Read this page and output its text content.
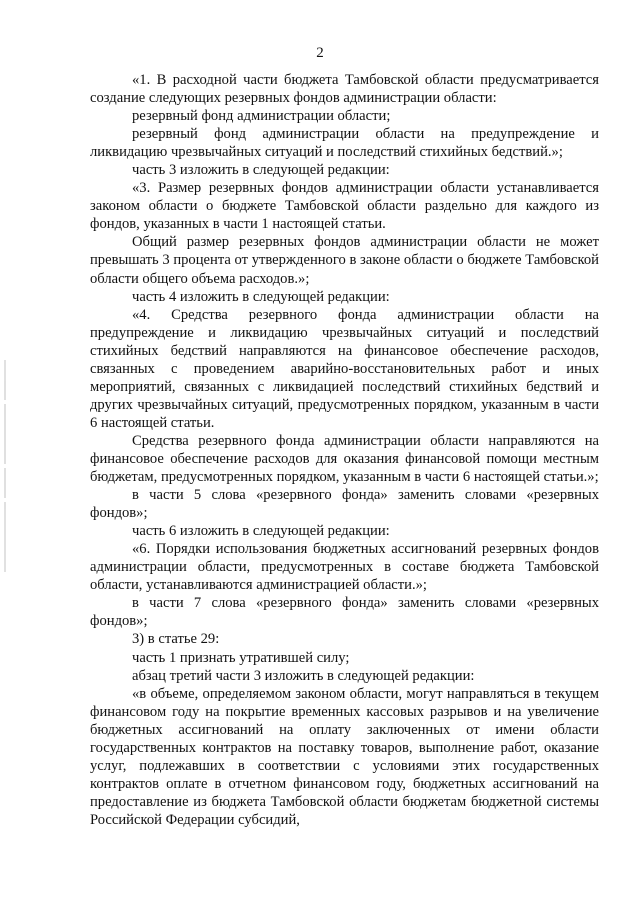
2

«1. В расходной части бюджета Тамбовской области предусматривается создание следующих резервных фондов администрации области:

резервный фонд администрации области;

резервный фонд администрации области на предупреждение и ликвидацию чрезвычайных ситуаций и последствий стихийных бедствий.»;

часть 3 изложить в следующей редакции:

«3. Размер резервных фондов администрации области устанавливается законом области о бюджете Тамбовской области раздельно для каждого из фондов, указанных в части 1 настоящей статьи.

Общий размер резервных фондов администрации области не может превышать 3 процента от утвержденного в законе области о бюджете Тамбовской области общего объема расходов.»;

часть 4 изложить в следующей редакции:

«4. Средства резервного фонда администрации области на предупреждение и ликвидацию чрезвычайных ситуаций и последствий стихийных бедствий направляются на финансовое обеспечение расходов, связанных с проведением аварийно-восстановительных работ и иных мероприятий, связанных с ликвидацией последствий стихийных бедствий и других чрезвычайных ситуаций, предусмотренных порядком, указанным в части 6 настоящей статьи.

Средства резервного фонда администрации области направляются на финансовое обеспечение расходов для оказания финансовой помощи местным бюджетам, предусмотренных порядком, указанным в части 6 настоящей статьи.»;

в части 5 слова «резервного фонда» заменить словами «резервных фондов»;

часть 6 изложить в следующей редакции:

«6. Порядки использования бюджетных ассигнований резервных фондов администрации области, предусмотренных в составе бюджета Тамбовской области, устанавливаются администрацией области.»;

в части 7 слова «резервного фонда» заменить словами «резервных фондов»;

3) в статье 29:

часть 1 признать утратившей силу;

абзац третий части 3 изложить в следующей редакции:

«в объеме, определяемом законом области, могут направляться в текущем финансовом году на покрытие временных кассовых разрывов и на увеличение бюджетных ассигнований на оплату заключенных от имени области государственных контрактов на поставку товаров, выполнение работ, оказание услуг, подлежавших в соответствии с условиями этих государственных контрактов оплате в отчетном финансовом году, бюджетных ассигнований на предоставление из бюджета Тамбовской области бюджетам бюджетной системы Российской Федерации субсидий,
